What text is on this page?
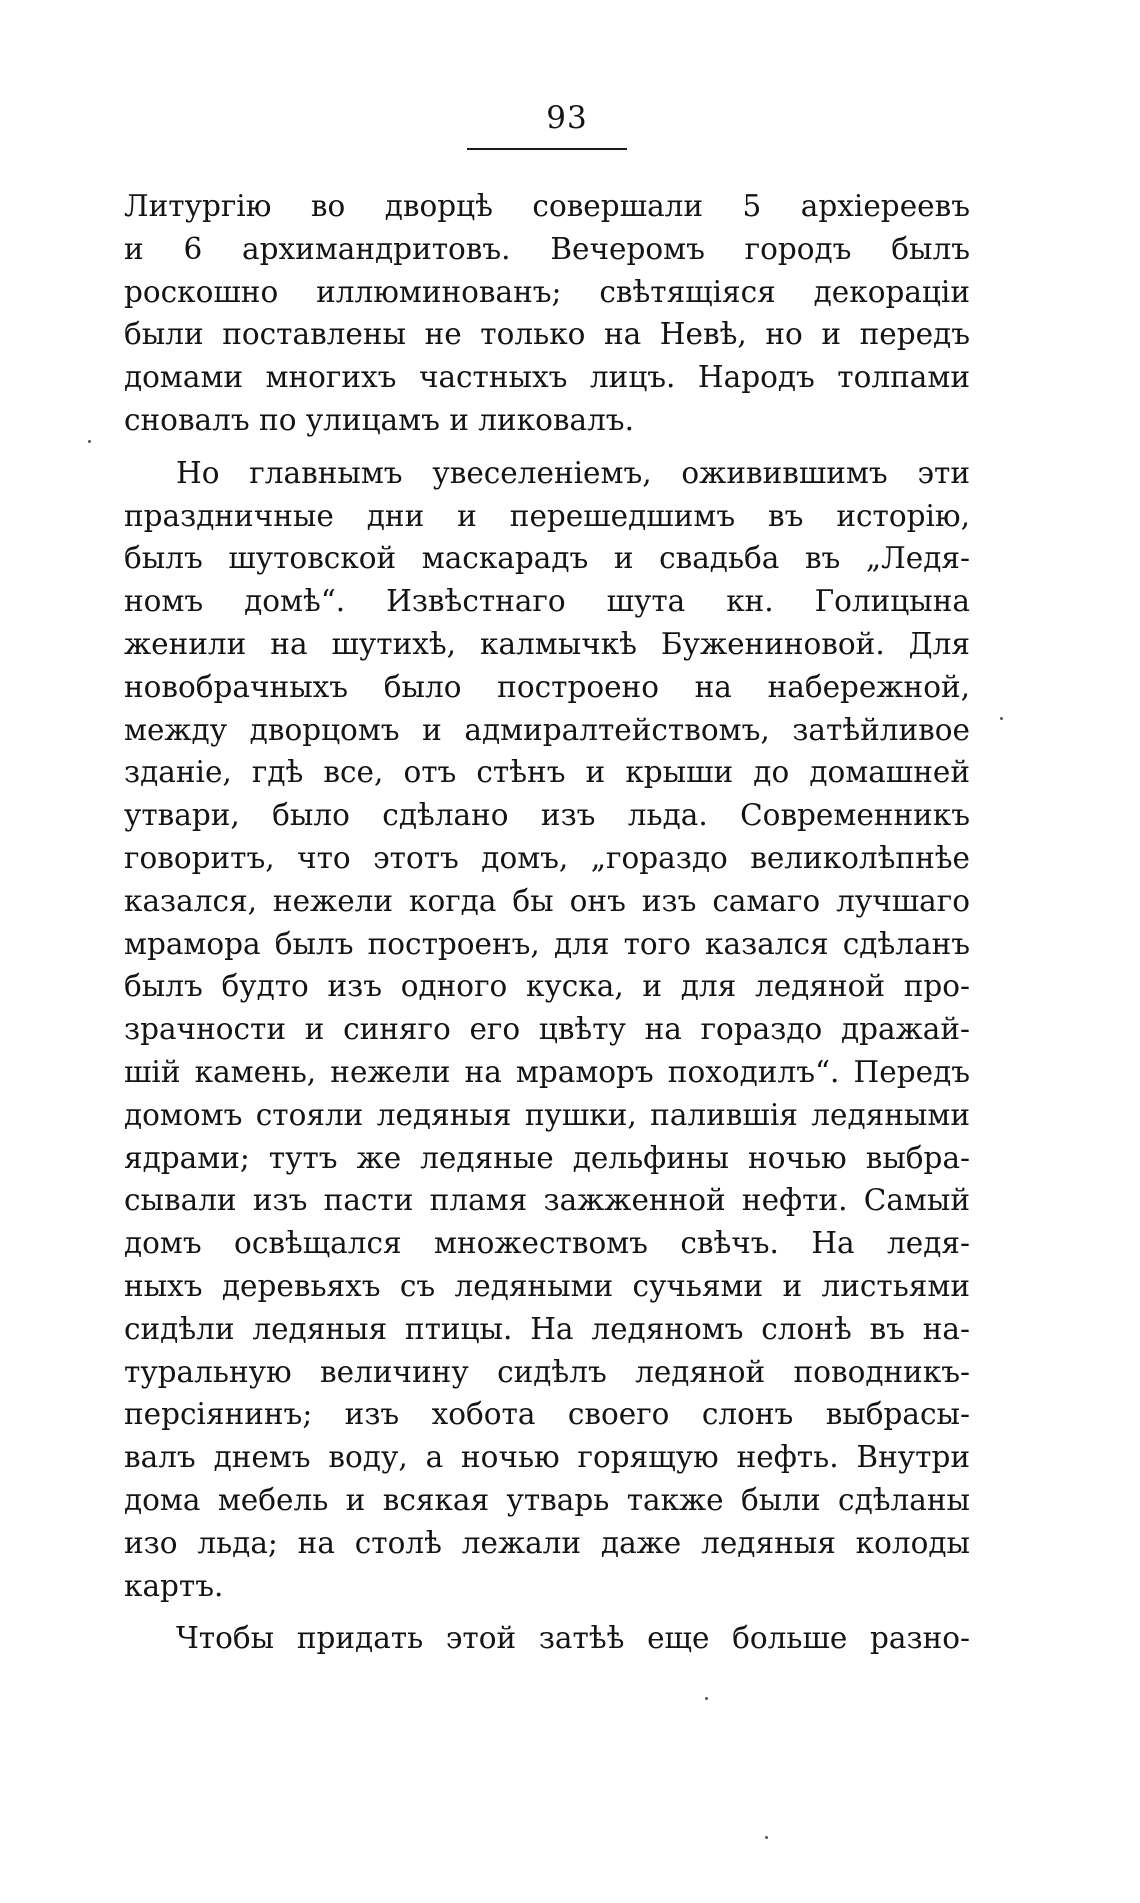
93
Литургію во дворцѣ совершали 5 архіереевъ
и 6 архимандритовъ. Вечеромъ городъ былъ
роскошно иллюминованъ; свѣтящіяся декораціи
были поставлены не только на Невѣ, но и передъ
домами многихъ частныхъ лицъ. Народъ толпами
сновалъ по улицамъ и ликовалъ.
Но главнымъ увеселеніемъ, оживившимъ эти
праздничные дни и перешедшимъ въ исторію,
былъ шутовской маскарадъ и свадьба въ „Ледя-
номъ домѣ“. Извѣстнаго шута кн. Голицына
женили на шутихѣ, калмычкѣ Бужениновой. Для
новобрачныхъ было построено на набережной,
между дворцомъ и адмиралтействомъ, затѣйливое
зданіе, гдѣ все, отъ стѣнъ и крыши до домашней
утвари, было сдѣлано изъ льда. Современникъ
говоритъ, что этотъ домъ, „гораздо великолѣпнѣе
казался, нежели когда бы онъ изъ самаго лучшаго
мрамора былъ построенъ, для того казался сдѣланъ
былъ будто изъ одного куска, и для ледяной про-
зрачности и синяго его цвѣту на гораздо дражай-
шій камень, нежели на мраморъ походилъ“. Передъ
домомъ стояли ледяныя пушки, палившія ледяными
ядрами; тутъ же ледяные дельфины ночью выбра-
сывали изъ пасти пламя зажженной нефти. Самый
домъ освѣщался множествомъ свѣчъ. На ледя-
ныхъ деревьяхъ съ ледяными сучьями и листьями
сидѣли ледяныя птицы. На ледяномъ слонѣ въ на-
туральную величину сидѣлъ ледяной поводникъ-
персіянинъ; изъ хобота своего слонъ выбрасы-
валъ днемъ воду, а ночью горящую нефть. Внутри
дома мебель и всякая утварь также были сдѣланы
изо льда; на столѣ лежали даже ледяныя колоды
картъ.
Чтобы придать этой затѣѣ еще больше разно-
